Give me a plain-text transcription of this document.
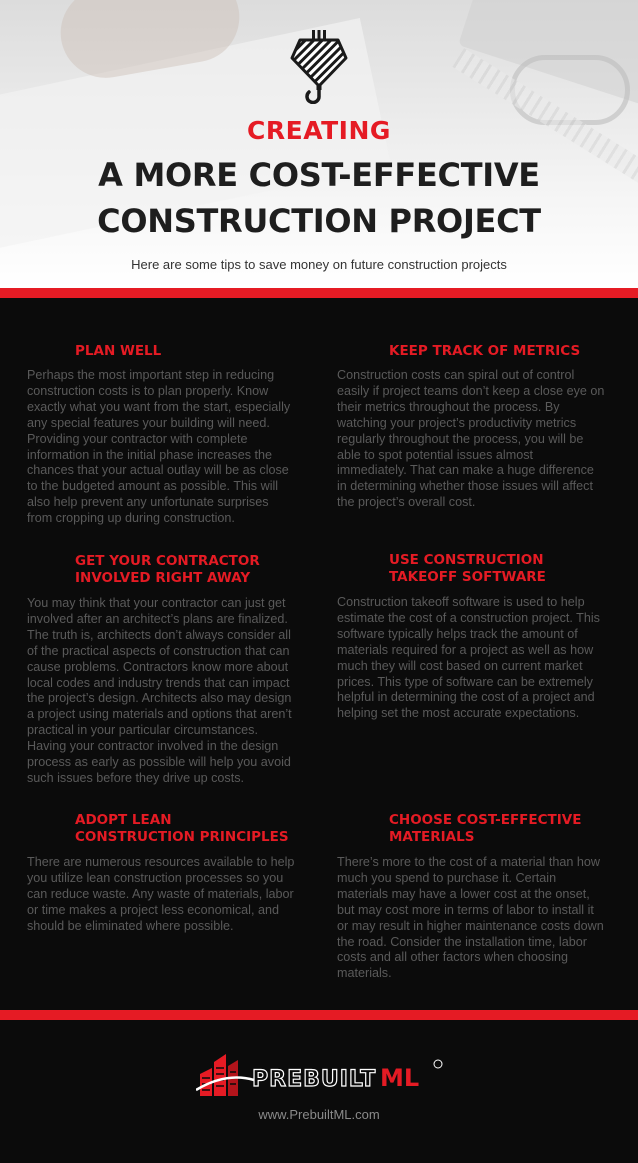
CREATING
A MORE COST-EFFECTIVE
CONSTRUCTION PROJECT
Here are some tips to save money on future construction projects
PLAN WELL
Perhaps the most important step in reducing construction costs is to plan properly. Know exactly what you want from the start, especially any special features your building will need. Providing your contractor with complete information in the initial phase increases the chances that your actual outlay will be as close to the budgeted amount as possible. This will also help prevent any unfortunate surprises from cropping up during construction.
KEEP TRACK OF METRICS
Construction costs can spiral out of control easily if project teams don’t keep a close eye on their metrics throughout the process. By watching your project’s productivity metrics regularly throughout the process, you will be able to spot potential issues almost immediately. That can make a huge difference in determining whether those issues will affect the project’s overall cost.
GET YOUR CONTRACTOR INVOLVED RIGHT AWAY
You may think that your contractor can just get involved after an architect’s plans are finalized. The truth is, architects don’t always consider all of the practical aspects of construction that can cause problems. Contractors know more about local codes and industry trends that can impact the project’s design. Architects also may design a project using materials and options that aren’t practical in your particular circumstances. Having your contractor involved in the design process as early as possible will help you avoid such issues before they drive up costs.
USE CONSTRUCTION TAKEOFF SOFTWARE
Construction takeoff software is used to help estimate the cost of a construction project. This software typically helps track the amount of materials required for a project as well as how much they will cost based on current market prices. This type of software can be extremely helpful in determining the cost of a project and helping set the most accurate expectations.
ADOPT LEAN CONSTRUCTION PRINCIPLES
There are numerous resources available to help you utilize lean construction processes so you can reduce waste. Any waste of materials, labor or time makes a project less economical, and should be eliminated where possible.
CHOOSE COST-EFFECTIVE MATERIALS
There’s more to the cost of a material than how much you spend to purchase it. Certain materials may have a lower cost at the onset, but may cost more in terms of labor to install it or may result in higher maintenance costs down the road. Consider the installation time, labor costs and all other factors when choosing materials.
PREBUILT ML
www.PrebuiltML.com
